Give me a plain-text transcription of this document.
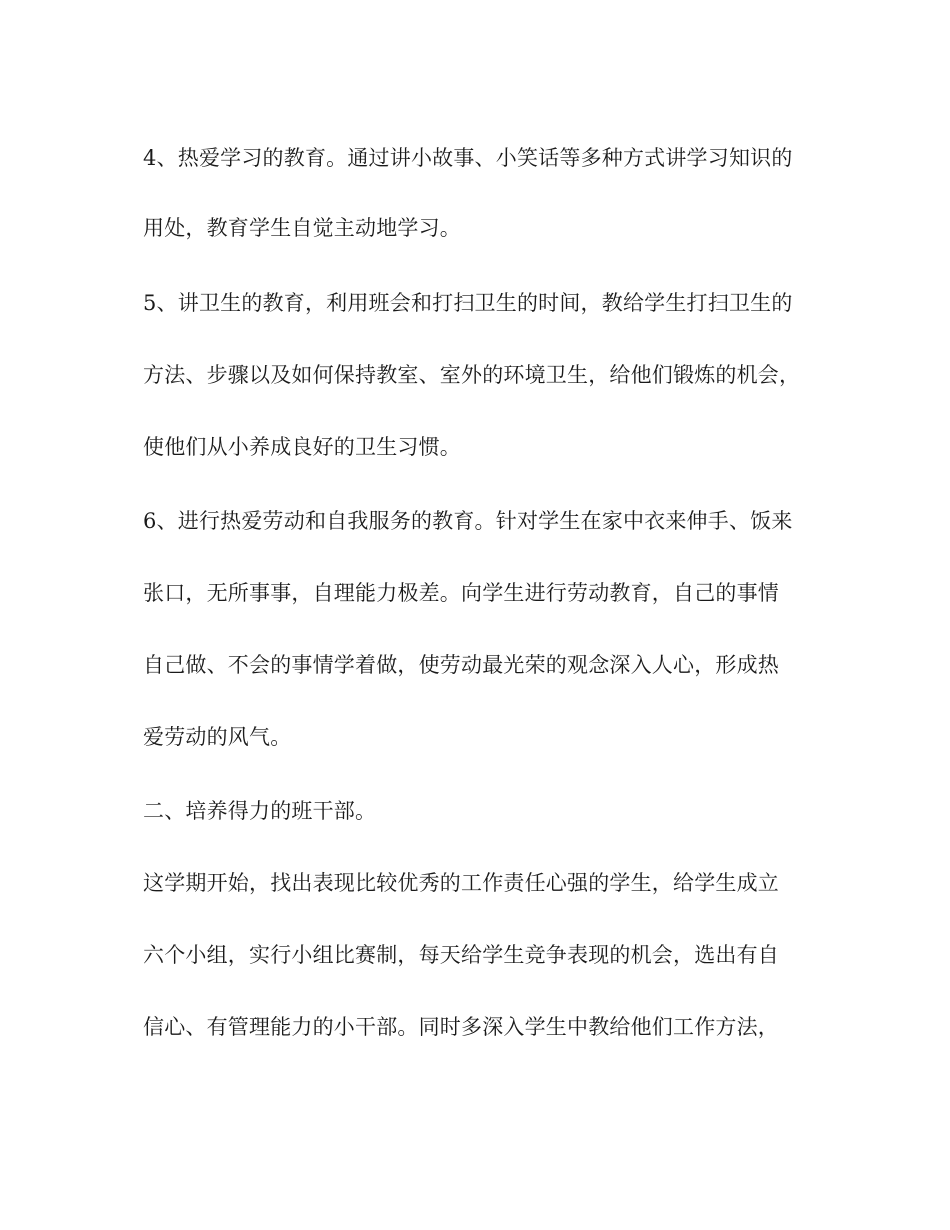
4、热爱学习的教育。通过讲小故事、小笑话等多种方式讲学习知识的

用处，教育学生自觉主动地学习。

5、讲卫生的教育，利用班会和打扫卫生的时间，教给学生打扫卫生的

方法、步骤以及如何保持教室、室外的环境卫生，给他们锻炼的机会，

使他们从小养成良好的卫生习惯。

6、进行热爱劳动和自我服务的教育。针对学生在家中衣来伸手、饭来

张口，无所事事，自理能力极差。向学生进行劳动教育，自己的事情

自己做、不会的事情学着做，使劳动最光荣的观念深入人心，形成热

爱劳动的风气。

二、培养得力的班干部。

这学期开始，找出表现比较优秀的工作责任心强的学生，给学生成立

六个小组，实行小组比赛制，每天给学生竞争表现的机会，选出有自

信心、有管理能力的小干部。同时多深入学生中教给他们工作方法，
